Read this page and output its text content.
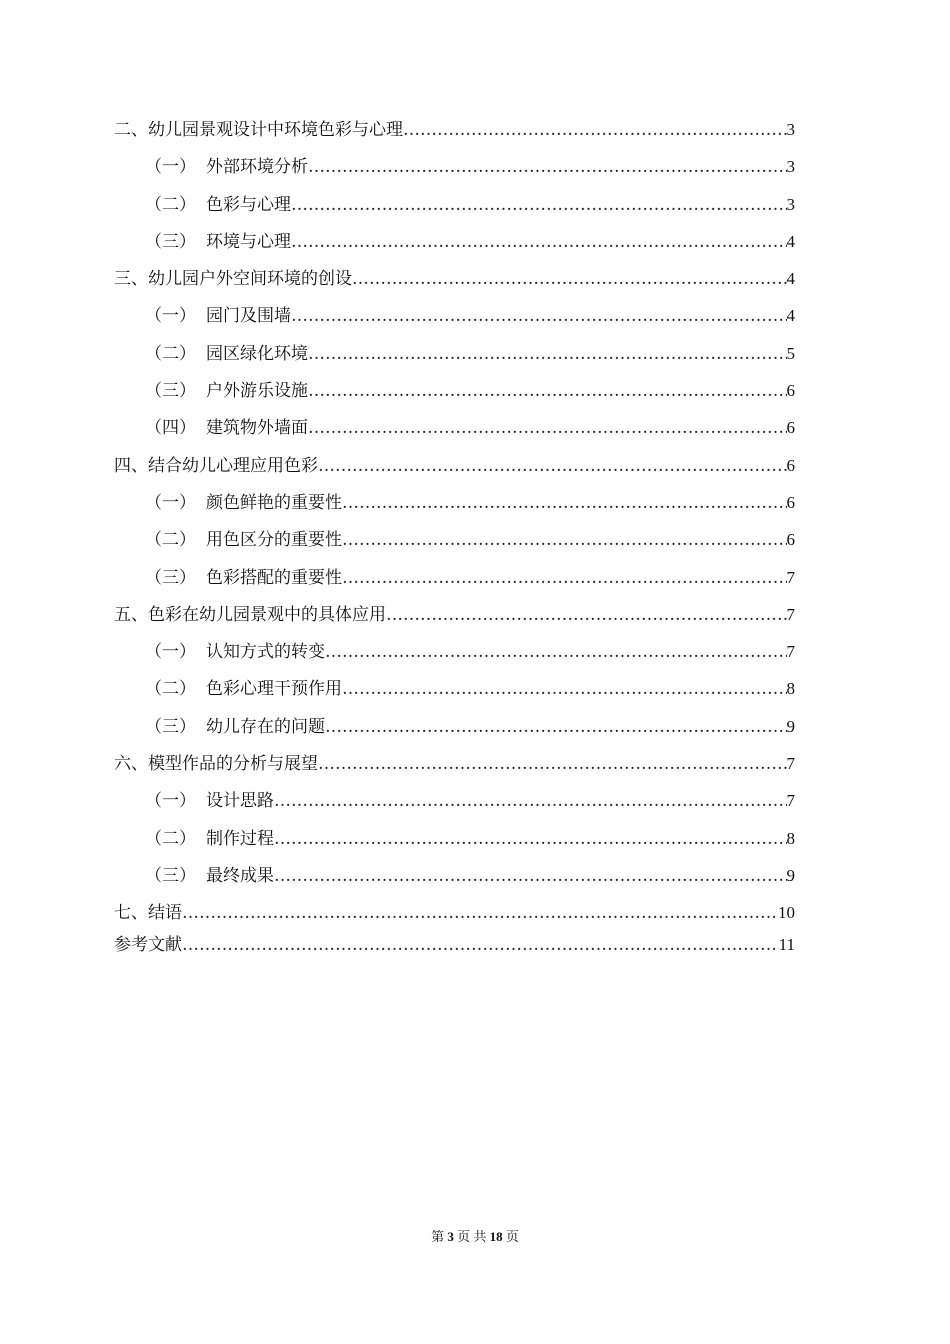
二、幼儿园景观设计中环境色彩与心理 ……………………………………………………………………………………………………………………………………………………………………………………………………………………	3
（一） 外部环境分析 ……………………………………………………………………………………………………………………………………………………………………………………………………………………	3
（二） 色彩与心理 ……………………………………………………………………………………………………………………………………………………………………………………………………………………	3
（三） 环境与心理 ……………………………………………………………………………………………………………………………………………………………………………………………………………………	4
三、幼儿园户外空间环境的创设 ……………………………………………………………………………………………………………………………………………………………………………………………………………………	4
（一） 园门及围墙 ……………………………………………………………………………………………………………………………………………………………………………………………………………………	4
（二） 园区绿化环境 ……………………………………………………………………………………………………………………………………………………………………………………………………………………	5
（三） 户外游乐设施 ……………………………………………………………………………………………………………………………………………………………………………………………………………………	6
（四） 建筑物外墙面 ……………………………………………………………………………………………………………………………………………………………………………………………………………………	6
四、结合幼儿心理应用色彩 ……………………………………………………………………………………………………………………………………………………………………………………………………………………	6
（一） 颜色鲜艳的重要性 ……………………………………………………………………………………………………………………………………………………………………………………………………………………	6
（二） 用色区分的重要性 ……………………………………………………………………………………………………………………………………………………………………………………………………………………	6
（三） 色彩搭配的重要性 ……………………………………………………………………………………………………………………………………………………………………………………………………………………	7
五、色彩在幼儿园景观中的具体应用 ……………………………………………………………………………………………………………………………………………………………………………………………………………………	7
（一） 认知方式的转变 ……………………………………………………………………………………………………………………………………………………………………………………………………………………	7
（二） 色彩心理干预作用 ……………………………………………………………………………………………………………………………………………………………………………………………………………………	8
（三） 幼儿存在的问题 ……………………………………………………………………………………………………………………………………………………………………………………………………………………	9
六、模型作品的分析与展望 ……………………………………………………………………………………………………………………………………………………………………………………………………………………	7
（一） 设计思路 ……………………………………………………………………………………………………………………………………………………………………………………………………………………	7
（二） 制作过程 ……………………………………………………………………………………………………………………………………………………………………………………………………………………	8
（三） 最终成果 ……………………………………………………………………………………………………………………………………………………………………………………………………………………	9
七、结语 ……………………………………………………………………………………………………………………………………………………………………………………………………………………	10
参考文献 ……………………………………………………………………………………………………………………………………………………………………………………………………………………	11
第 3 页 共 18 页
